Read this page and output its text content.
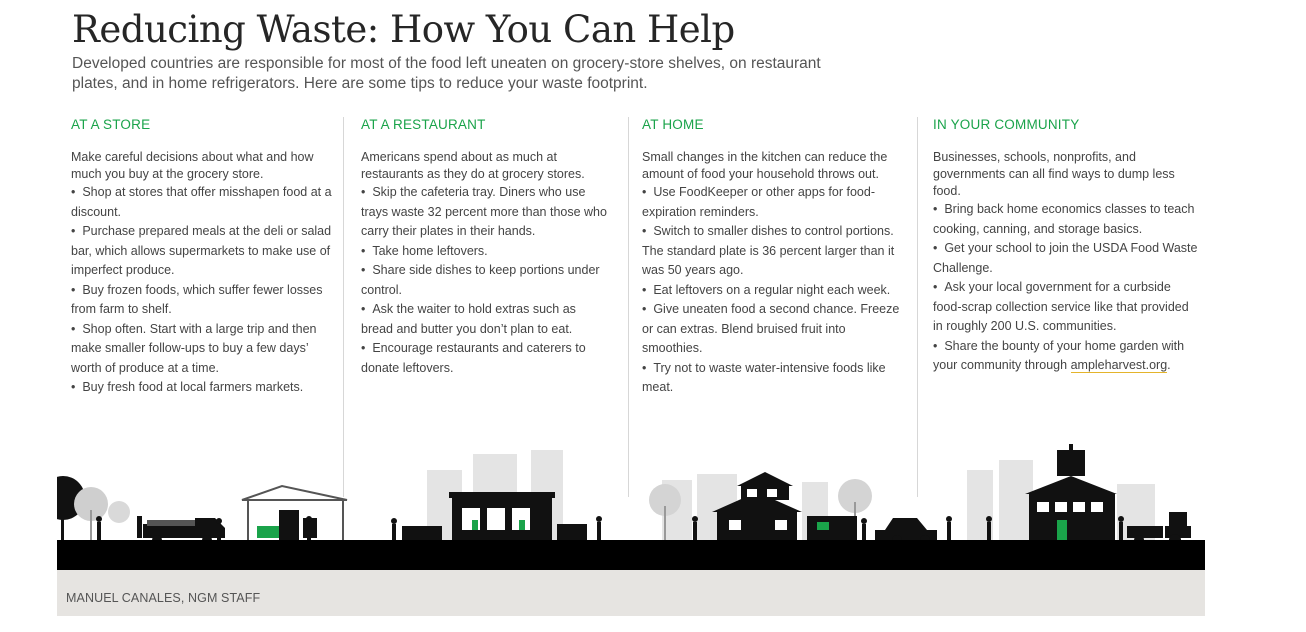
Reducing Waste: How You Can Help

Developed countries are responsible for most of the food left uneaten on grocery-store shelves, on restaurant plates, and in home refrigerators. Here are some tips to reduce your waste footprint.

AT A STORE

Make careful decisions about what and how much you buy at the grocery store.

•  Shop at stores that offer misshapen food at a discount.
•  Purchase prepared meals at the deli or salad bar, which allows supermarkets to make use of imperfect produce.
•  Buy frozen foods, which suffer fewer losses from farm to shelf.
•  Shop often. Start with a large trip and then make smaller follow-ups to buy a few days’ worth of produce at a time.
•  Buy fresh food at local farmers markets.
AT A RESTAURANT

Americans spend about as much at restaurants as they do at grocery stores.

•  Skip the cafeteria tray. Diners who use trays waste 32 percent more than those who carry their plates in their hands.
•  Take home leftovers.
•  Share side dishes to keep portions under control.
•  Ask the waiter to hold extras such as bread and butter you don’t plan to eat.
•  Encourage restaurants and caterers to donate leftovers.
AT HOME

Small changes in the kitchen can reduce the amount of food your household throws out.

•  Use FoodKeeper or other apps for food-expiration reminders.
•  Switch to smaller dishes to control portions. The standard plate is 36 percent larger than it was 50 years ago.
•  Eat leftovers on a regular night each week.
•  Give uneaten food a second chance. Freeze or can extras. Blend bruised fruit into smoothies.
•  Try not to waste water-intensive foods like meat.
IN YOUR COMMUNITY

Businesses, schools, nonprofits, and governments can all find ways to dump less food.

•  Bring back home economics classes to teach cooking, canning, and storage basics.
•  Get your school to join the USDA Food Waste Challenge.
•  Ask your local government for a curbside food-scrap collection service like that provided in roughly 200 U.S. communities.
•  Share the bounty of your home garden with your community through ampleharvest.org.
MANUEL CANALES, NGM STAFF
